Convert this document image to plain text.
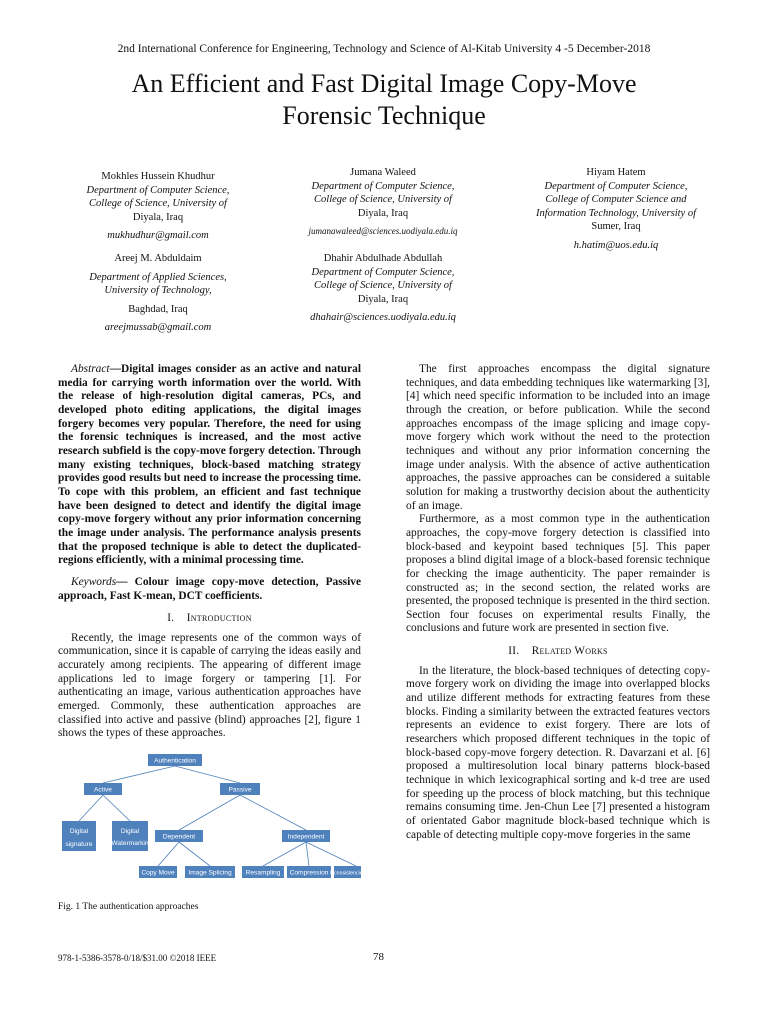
2nd International Conference for Engineering, Technology and Science of Al-Kitab University 4 -5 December-2018
An Efficient and Fast Digital Image Copy-Move
Forensic Technique
Mokhles Hussein Khudhur
Department of Computer Science,
College of Science, University of
Diyala, Iraq
mukhudhur@gmail.com
Jumana Waleed
Department of Computer Science,
College of Science, University of
Diyala, Iraq
jumanawaleed@sciences.uodiyala.edu.iq
Hiyam Hatem
Department of Computer Science,
College of Computer Science and
Information Technology, University of
Sumer, Iraq
h.hatim@uos.edu.iq
Areej M. Abduldaim
Department of Applied Sciences,
University of Technology,
Baghdad, Iraq
areejmussab@gmail.com
Dhahir Abdulhade Abdullah
Department of Computer Science,
College of Science, University of
Diyala, Iraq
dhahair@sciences.uodiyala.edu.iq

Abstract—Digital images consider as an active and natural media for carrying worth information over the world. With the release of high-resolution digital cameras, PCs, and developed photo editing applications, the digital images forgery becomes very popular. Therefore, the need for using the forensic techniques is increased, and the most active research subfield is the copy-move forgery detection. Through many existing techniques, block-based matching strategy provides good results but need to increase the processing time. To cope with this problem, an efficient and fast technique have been designed to detect and identify the digital image copy-move forgery without any prior information concerning the image under analysis. The performance analysis presents that the proposed technique is able to detect the duplicated-regions efficiently, with a minimal processing time.

Keywords— Colour image copy-move detection, Passive approach, Fast K-mean, DCT coefficients.

I. Introduction

Recently, the image represents one of the common ways of communication, since it is capable of carrying the ideas easily and accurately among recipients. The appearing of different image applications led to image forgery or tampering [1]. For authenticating an image, various authentication approaches have emerged. Commonly, these authentication approaches are classified into active and passive (blind) approaches [2], figure 1 shows the types of these approaches.

Authentication
Active	Passive
Digital
signature
Digital
Watermarkin
Dependent	Independent
Copy Move Image Splicing Resampling Compression Inconsistencies
Fig. 1 The authentication approaches

The first approaches encompass the digital signature techniques, and data embedding techniques like watermarking [3], [4] which need specific information to be included into an image through the creation, or before publication. While the second approaches encompass of the image splicing and image copy-move forgery which work without the need to the protection techniques and without any prior information concerning the image under analysis. With the absence of active authentication approaches, the passive approaches can be considered a suitable solution for making a trustworthy decision about the authenticity of an image.

Furthermore, as a most common type in the authentication approaches, the copy-move forgery detection is classified into block-based and keypoint based techniques [5]. This paper proposes a blind digital image of a block-based forensic technique for checking the image authenticity. The paper remainder is constructed as; in the second section, the related works are presented, the proposed technique is presented in the third section. Section four focuses on experimental results Finally, the conclusions and future work are presented in section five.

II. Related Works

In the literature, the block-based techniques of detecting copy-move forgery work on dividing the image into overlapped blocks and utilize different methods for extracting features from these blocks. Finding a similarity between the extracted features vectors represents an evidence to exist forgery. There are lots of researchers which proposed different techniques in the topic of block-based copy-move forgery detection. R. Davarzani et al. [6] proposed a multiresolution local binary patterns block-based technique in which lexicographical sorting and k-d tree are used for speeding up the process of block matching, but this technique remains consuming time. Jen-Chun Lee [7] presented a histogram of orientated Gabor magnitude block-based technique which is capable of detecting multiple copy-move forgeries in the same

978-1-5386-3578-0/18/$31.00 ©2018 IEEE	78
